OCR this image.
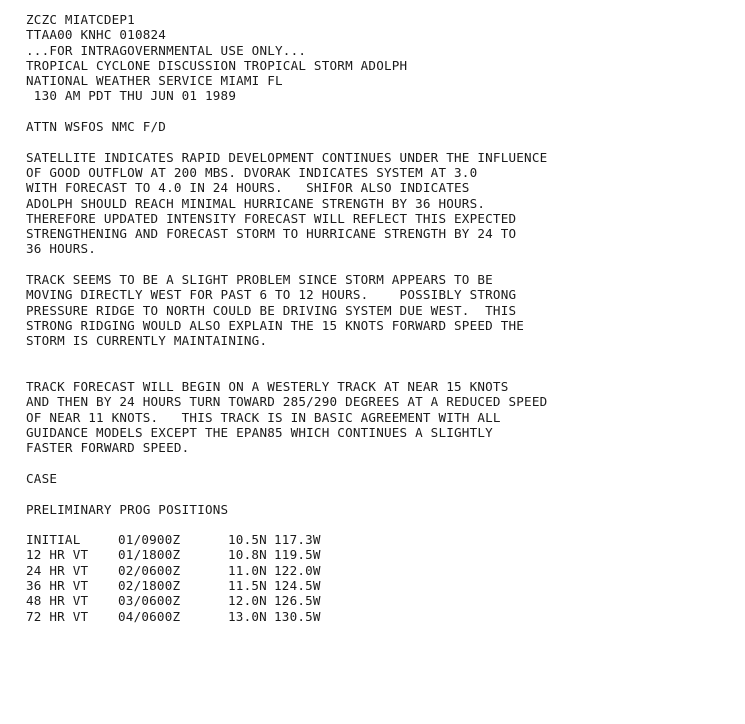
ZCZC MIATCDEP1
TTAA00 KNHC 010824
...FOR INTRAGOVERNMENTAL USE ONLY...
TROPICAL CYCLONE DISCUSSION TROPICAL STORM ADOLPH
NATIONAL WEATHER SERVICE MIAMI FL
130 AM PDT THU JUN 01 1989
ATTN WSFOS NMC F/D
SATELLITE INDICATES RAPID DEVELOPMENT CONTINUES UNDER THE INFLUENCE
OF GOOD OUTFLOW AT 200 MBS. DVORAK INDICATES SYSTEM AT 3.0
WITH FORECAST TO 4.0 IN 24 HOURS.   SHIFOR ALSO INDICATES
ADOLPH SHOULD REACH MINIMAL HURRICANE STRENGTH BY 36 HOURS.
THEREFORE UPDATED INTENSITY FORECAST WILL REFLECT THIS EXPECTED
STRENGTHENING AND FORECAST STORM TO HURRICANE STRENGTH BY 24 TO
36 HOURS.
TRACK SEEMS TO BE A SLIGHT PROBLEM SINCE STORM APPEARS TO BE
MOVING DIRECTLY WEST FOR PAST 6 TO 12 HOURS.    POSSIBLY STRONG
PRESSURE RIDGE TO NORTH COULD BE DRIVING SYSTEM DUE WEST.  THIS
STRONG RIDGING WOULD ALSO EXPLAIN THE 15 KNOTS FORWARD SPEED THE
STORM IS CURRENTLY MAINTAINING.
TRACK FORECAST WILL BEGIN ON A WESTERLY TRACK AT NEAR 15 KNOTS
AND THEN BY 24 HOURS TURN TOWARD 285/290 DEGREES AT A REDUCED SPEED
OF NEAR 11 KNOTS.   THIS TRACK IS IN BASIC AGREEMENT WITH ALL
GUIDANCE MODELS EXCEPT THE EPAN85 WHICH CONTINUES A SLIGHTLY
FASTER FORWARD SPEED.
CASE
PRELIMINARY PROG POSITIONS
INITIAL	01/0900Z	10.5N	117.3W
12 HR VT	01/1800Z	10.8N	119.5W
24 HR VT	02/0600Z	11.0N	122.0W
36 HR VT	02/1800Z	11.5N	124.5W
48 HR VT	03/0600Z	12.0N	126.5W
72 HR VT	04/0600Z	13.0N	130.5W
